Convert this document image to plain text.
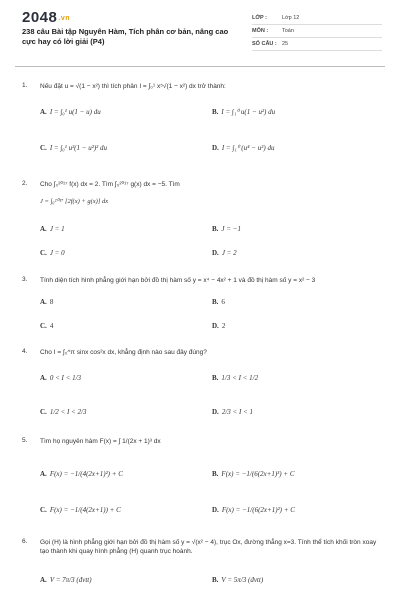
2048.vn
238 câu Bài tập Nguyên Hàm, Tích phân cơ bản, nâng cao cực hay có lời giải (P4)
LỚP :	Lớp 12
MÔN :	Toán
SỐ CÂU : 25
1.	Nếu đặt u = √(1 − x²) thì tích phân I = ∫₀¹ x⁵√(1 − x²) dx trở thành:
A. I = ∫₀¹ u(1 − u) du	B. I = ∫₁⁰ u(1 − u²) du
C. I = ∫₀¹ u²(1 − u²)² du	D. I = ∫₁⁰ (u⁴ − u²) du
2.	Cho ∫₀²⁰¹⁷ f(x) dx = 2. Tìm ∫₀²⁰¹⁷ g(x) dx = −5. Tìm
J = ∫₀²⁰¹⁷ [2f(x) + g(x)] dx
A. J = 1	B. J = −1
C. J = 0	D. J = 2
3.	Tính diện tích hình phẳng giới hạn bởi đồ thị hàm số y = x⁴ − 4x² + 1 và đồ thị hàm số y = x² − 3
A. 8	B. 6
C. 4	D. 2
4.	Cho I = ∫₀^π sinx cos²x dx, khẳng định nào sau đây đúng?
A. 0 < I < 1/3	B. 1/3 < I < 1/2
C. 1/2 < I < 2/3	D. 2/3 < I < 1
5.	Tìm họ nguyên hàm F(x) = ∫ 1/(2x + 1)³ dx
A. F(x) = −1/(4(2x+1)²) + C	B. F(x) = −1/(6(2x+1)³) + C
C. F(x) = −1/(4(2x+1)) + C	D. F(x) = −1/(6(2x+1)²) + C
6.	Gọi (H) là hình phẳng giới hạn bởi đồ thị hàm số y = √(x² − 4), trục Ox, đường thẳng x=3. Tính thể tích khối tròn xoay tạo thành khi quay hình phẳng (H) quanh trục hoành.
A. V = 7π/3 (đvtt)	B. V = 5π/3 (đvtt)
